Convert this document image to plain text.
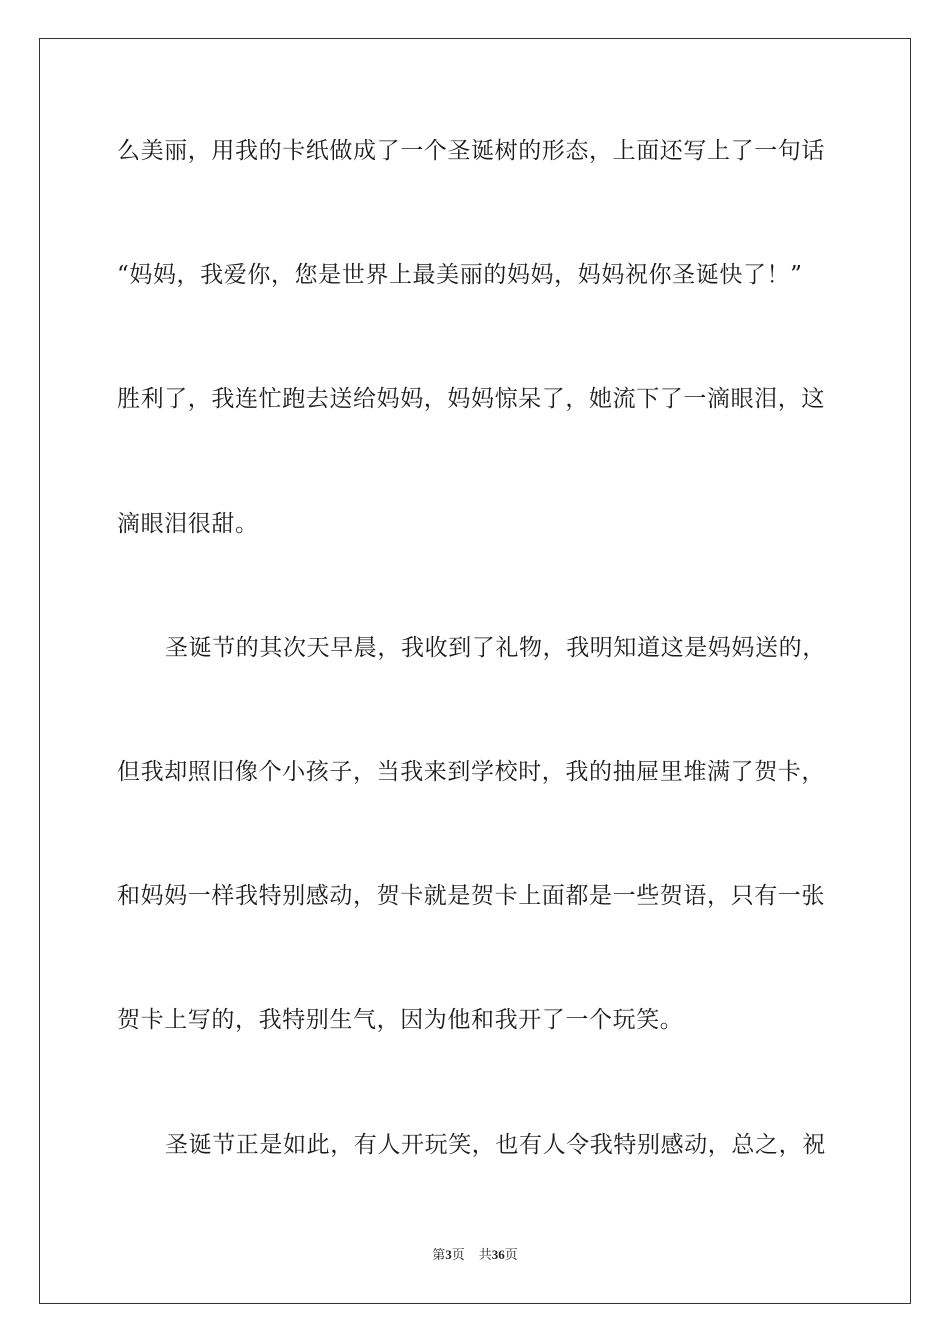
么美丽，用我的卡纸做成了一个圣诞树的形态，上面还写上了一句话
“妈妈，我爱你，您是世界上最美丽的妈妈，妈妈祝你圣诞快了！”
胜利了，我连忙跑去送给妈妈，妈妈惊呆了，她流下了一滴眼泪，这
滴眼泪很甜。
圣诞节的其次天早晨，我收到了礼物，我明知道这是妈妈送的，
但我却照旧像个小孩子，当我来到学校时，我的抽屉里堆满了贺卡，
和妈妈一样我特别感动，贺卡就是贺卡上面都是一些贺语，只有一张
贺卡上写的，我特别生气，因为他和我开了一个玩笑。
圣诞节正是如此，有人开玩笑，也有人令我特别感动，总之，祝
第3页 共36页
